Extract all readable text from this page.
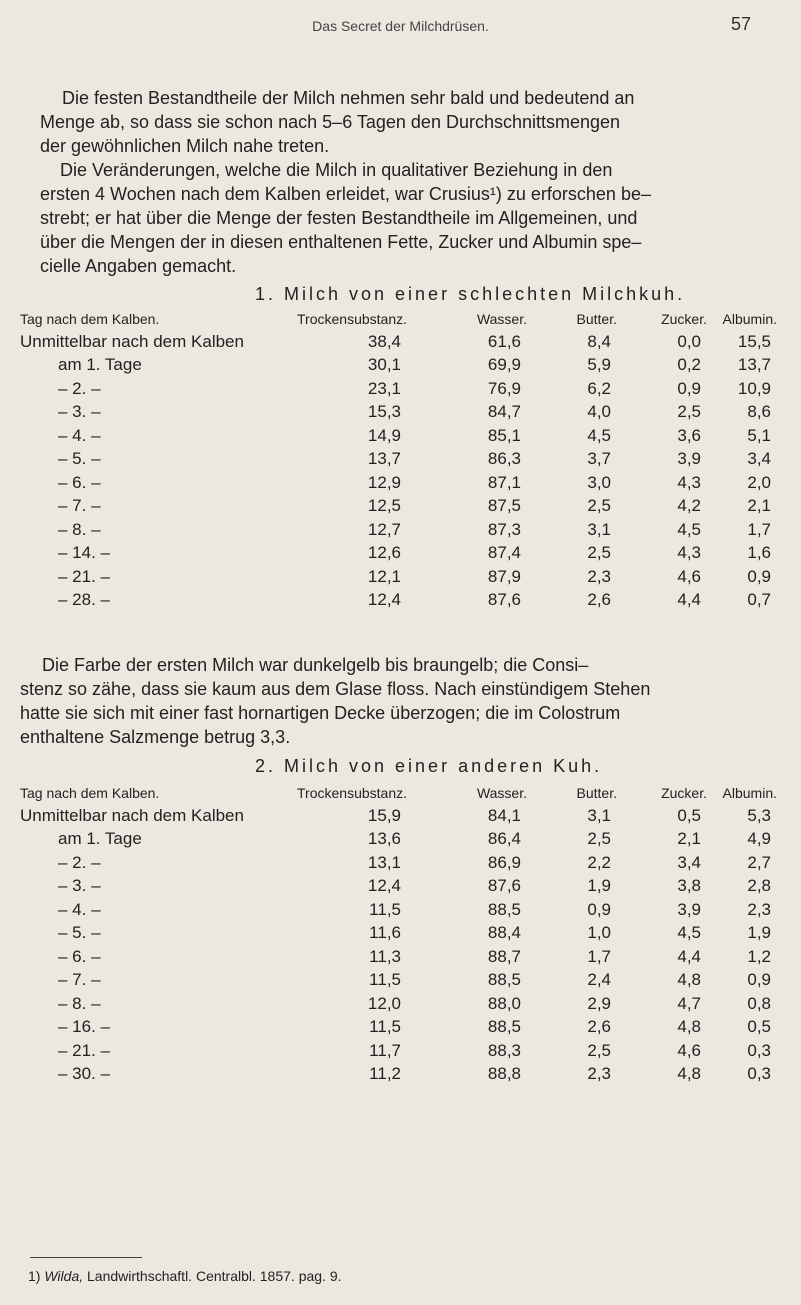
Das Secret der Milchdrüsen.	57
Die festen Bestandtheile der Milch nehmen sehr bald und bedeutend an
Menge ab, so dass sie schon nach 5–6 Tagen den Durchschnittsmengen
der gewöhnlichen Milch nahe treten.
Die Veränderungen, welche die Milch in qualitativer Beziehung in den
ersten 4 Wochen nach dem Kalben erleidet, war Crusius¹) zu erforschen be–
strebt; er hat über die Menge der festen Bestandtheile im Allgemeinen, und
über die Mengen der in diesen enthaltenen Fette, Zucker und Albumin spe–
cielle Angaben gemacht.
1. Milch von einer schlechten Milchkuh.
Tag nach dem Kalben.	Trockensubstanz.	Wasser.	Butter.	Zucker.	Albumin.
Unmittelbar nach dem Kalben	38,4	61,6	8,4	0,0	15,5
am 1. Tage	30,1	69,9	5,9	0,2	13,7
– 2. –	23,1	76,9	6,2	0,9	10,9
– 3. –	15,3	84,7	4,0	2,5	8,6
– 4. –	14,9	85,1	4,5	3,6	5,1
– 5. –	13,7	86,3	3,7	3,9	3,4
– 6. –	12,9	87,1	3,0	4,3	2,0
– 7. –	12,5	87,5	2,5	4,2	2,1
– 8. –	12,7	87,3	3,1	4,5	1,7
– 14. –	12,6	87,4	2,5	4,3	1,6
– 21. –	12,1	87,9	2,3	4,6	0,9
– 28. –	12,4	87,6	2,6	4,4	0,7
Die Farbe der ersten Milch war dunkelgelb bis braungelb; die Consi–
stenz so zähe, dass sie kaum aus dem Glase floss. Nach einstündigem Stehen
hatte sie sich mit einer fast hornartigen Decke überzogen; die im Colostrum
enthaltene Salzmenge betrug 3,3.
2. Milch von einer anderen Kuh.
Tag nach dem Kalben.	Trockensubstanz.	Wasser.	Butter.	Zucker.	Albumin.
Unmittelbar nach dem Kalben	15,9	84,1	3,1	0,5	5,3
am 1. Tage	13,6	86,4	2,5	2,1	4,9
– 2. –	13,1	86,9	2,2	3,4	2,7
– 3. –	12,4	87,6	1,9	3,8	2,8
– 4. –	11,5	88,5	0,9	3,9	2,3
– 5. –	11,6	88,4	1,0	4,5	1,9
– 6. –	11,3	88,7	1,7	4,4	1,2
– 7. –	11,5	88,5	2,4	4,8	0,9
– 8. –	12,0	88,0	2,9	4,7	0,8
– 16. –	11,5	88,5	2,6	4,8	0,5
– 21. –	11,7	88,3	2,5	4,6	0,3
– 30. –	11,2	88,8	2,3	4,8	0,3
1) Wilda, Landwirthschaftl. Centralbl. 1857. pag. 9.
